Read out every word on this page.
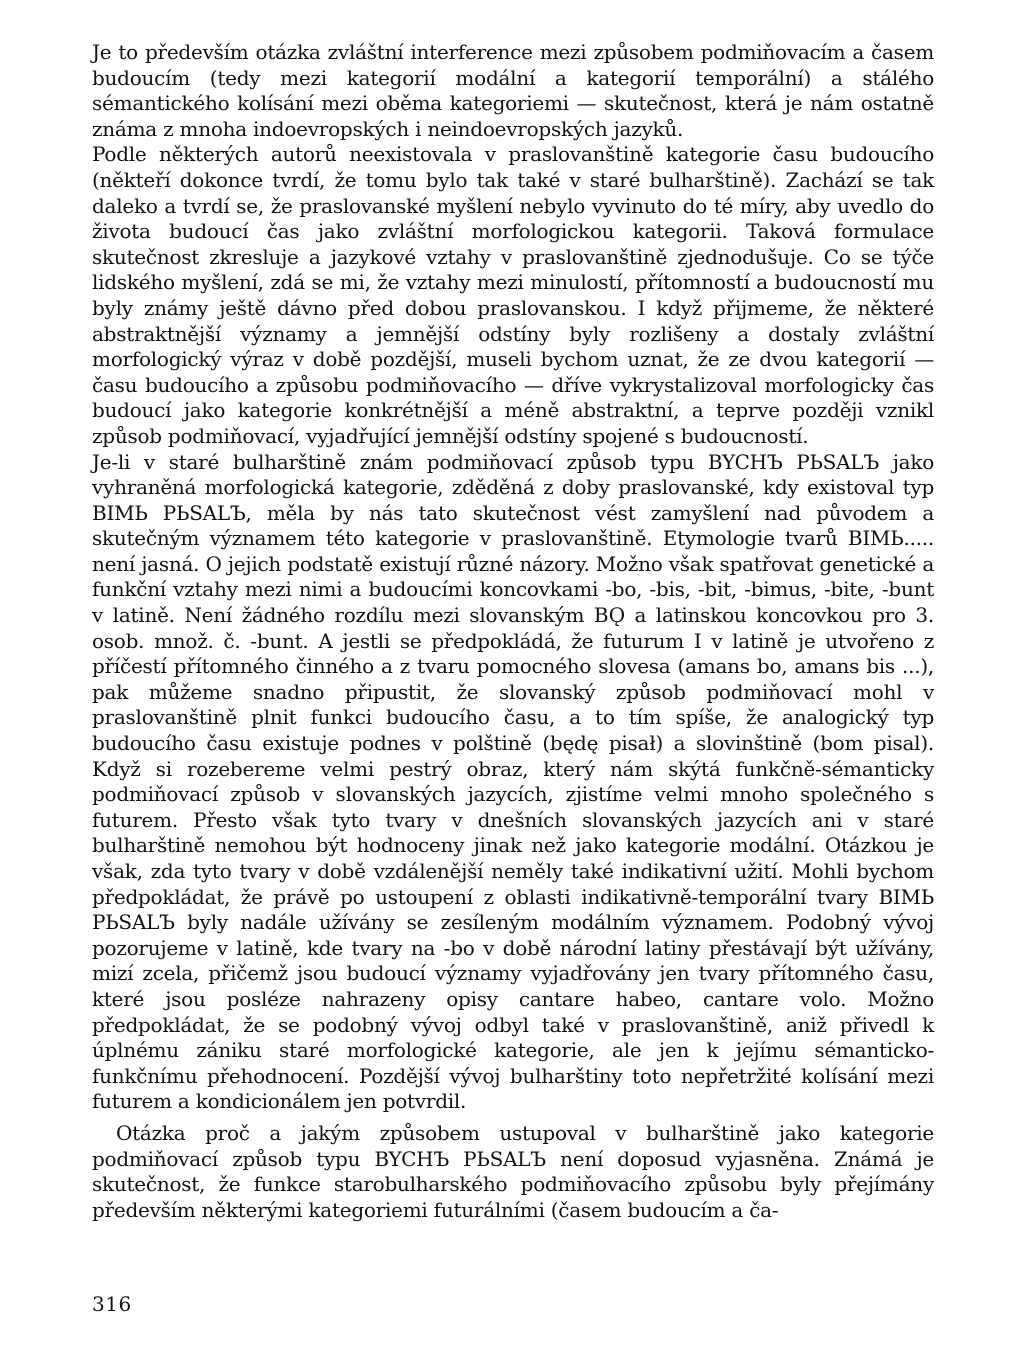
Je to především otázka zvláštní interference mezi způsobem podmiňovacím a časem budoucím (tedy mezi kategorií modální a kategorií temporální) a stálého sémantického kolísání mezi oběma kategoriemi — skutečnost, která je nám ostatně známa z mnoha indoevropských i neindoevropských jazyků.

Podle některých autorů neexistovala v praslovanštině kategorie času budoucího (někteří dokonce tvrdí, že tomu bylo tak také v staré bulharštině). Zachází se tak daleko a tvrdí se, že praslovanské myšlení nebylo vyvinuto do té míry, aby uvedlo do života budoucí čas jako zvláštní morfologickou kategorii. Taková formulace skutečnost zkresluje a jazykové vztahy v praslovanštině zjednodušuje. Co se týče lidského myšlení, zdá se mi, že vztahy mezi minulostí, přítomností a budoucností mu byly známy ještě dávno před dobou praslovanskou. I když přijmeme, že některé abstraktnější významy a jemnější odstíny byly rozlišeny a dostaly zvláštní morfologický výraz v době pozdější, museli bychom uznat, že ze dvou kategorií — času budoucího a způsobu podmiňovacího — dříve vykrystalizoval morfologicky čas budoucí jako kategorie konkrétnější a méně abstraktní, a teprve později vznikl způsob podmiňovací, vyjadřující jemnější odstíny spojené s budoucností.

Je-li v staré bulharštině znám podmiňovací způsob typu BYCHЪ PЬSALЪ jako vyhraněná morfologická kategorie, zděděná z doby praslovanské, kdy existoval typ BIMЬ PЬSALЪ, měla by nás tato skutečnost vést zamyšlení nad původem a skutečným významem této kategorie v praslovanštině. Etymologie tvarů BIMЬ..... není jasná. O jejich podstatě existují různé názory. Možno však spatřovat genetické a funkční vztahy mezi nimi a budoucími koncovkami -bo, -bis, -bit, -bimus, -bite, -bunt v latině. Není žádného rozdílu mezi slovanským BǪ a latinskou koncovkou pro 3. osob. množ. č. -bunt. A jestli se předpokládá, že futurum I v latině je utvořeno z příčestí přítomného činného a z tvaru pomocného slovesa (amans bo, amans bis ...), pak můžeme snadno připustit, že slovanský způsob podmiňovací mohl v praslovanštině plnit funkci budoucího času, a to tím spíše, že analogický typ budoucího času existuje podnes v polštině (będę pisał) a slovinštině (bom pisal). Když si rozebereme velmi pestrý obraz, který nám skýtá funkčně-sémanticky podmiňovací způsob v slovanských jazycích, zjistíme velmi mnoho společného s futurem. Přesto však tyto tvary v dnešních slovanských jazycích ani v staré bulharštině nemohou být hodnoceny jinak než jako kategorie modální. Otázkou je však, zda tyto tvary v době vzdálenější neměly také indikativní užití. Mohli bychom předpokládat, že právě po ustoupení z oblasti indikativně-temporální tvary BIMЬ PЬSALЪ byly nadále užívány se zesíleným modálním významem. Podobný vývoj pozorujeme v latině, kde tvary na -bo v době národní latiny přestávají být užívány, mizí zcela, přičemž jsou budoucí významy vyjadřovány jen tvary přítomného času, které jsou posléze nahrazeny opisy cantare habeo, cantare volo. Možno předpokládat, že se podobný vývoj odbyl také v praslovanštině, aniž přivedl k úplnému zániku staré morfologické kategorie, ale jen k jejímu sémanticko-funkčnímu přehodnocení. Pozdější vývoj bulharštiny toto nepřetržité kolísání mezi futurem a kondicionálem jen potvrdil.

Otázka proč a jakým způsobem ustupoval v bulharštině jako kategorie podmiňovací způsob typu BYCHЪ PЬSALЪ není doposud vyjasněna. Známá je skutečnost, že funkce starobulharského podmiňovacího způsobu byly přejímány především některými kategoriemi futurálními (časem budoucím a ča-

316
